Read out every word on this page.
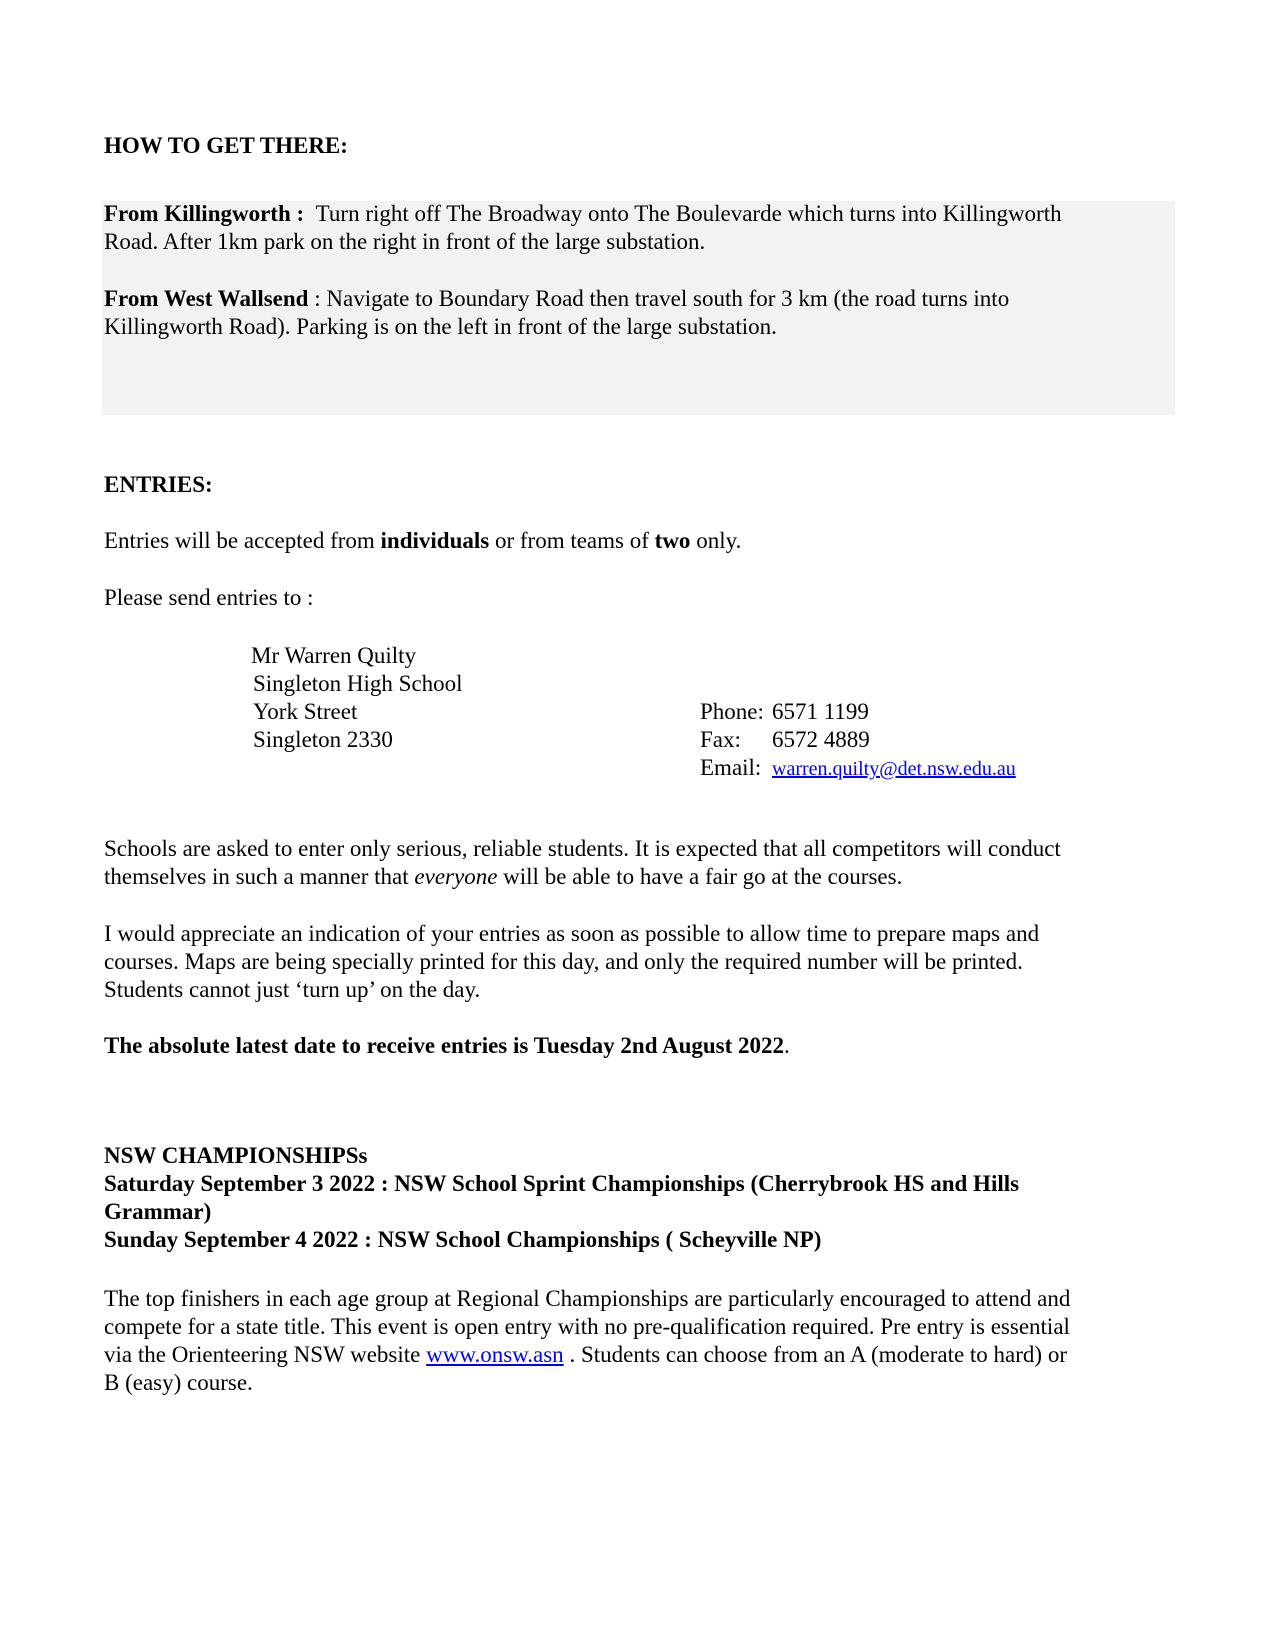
HOW TO GET THERE:
From Killingworth : Turn right off The Broadway onto The Boulevarde which turns into Killingworth
Road. After 1km park on the right in front of the large substation.
From West Wallsend : Navigate to Boundary Road then travel south for 3 km (the road turns into
Killingworth Road). Parking is on the left in front of the large substation.
ENTRIES:
Entries will be accepted from individuals or from teams of two only.
Please send entries to :
Mr Warren Quilty
Singleton High School
York Street
Singleton 2330
Phone: 6571 1199
Fax: 6572 4889
Email: warren.quilty@det.nsw.edu.au
Schools are asked to enter only serious, reliable students. It is expected that all competitors will conduct
themselves in such a manner that everyone will be able to have a fair go at the courses.
I would appreciate an indication of your entries as soon as possible to allow time to prepare maps and
courses. Maps are being specially printed for this day, and only the required number will be printed.
Students cannot just ‘turn up’ on the day.
The absolute latest date to receive entries is Tuesday 2nd August 2022.
NSW CHAMPIONSHIPSs
Saturday September 3 2022 : NSW School Sprint Championships (Cherrybrook HS and Hills
Grammar)
Sunday September 4 2022 : NSW School Championships ( Scheyville NP)
The top finishers in each age group at Regional Championships are particularly encouraged to attend and
compete for a state title. This event is open entry with no pre-qualification required. Pre entry is essential
via the Orienteering NSW website www.onsw.asn . Students can choose from an A (moderate to hard) or
B (easy) course.
